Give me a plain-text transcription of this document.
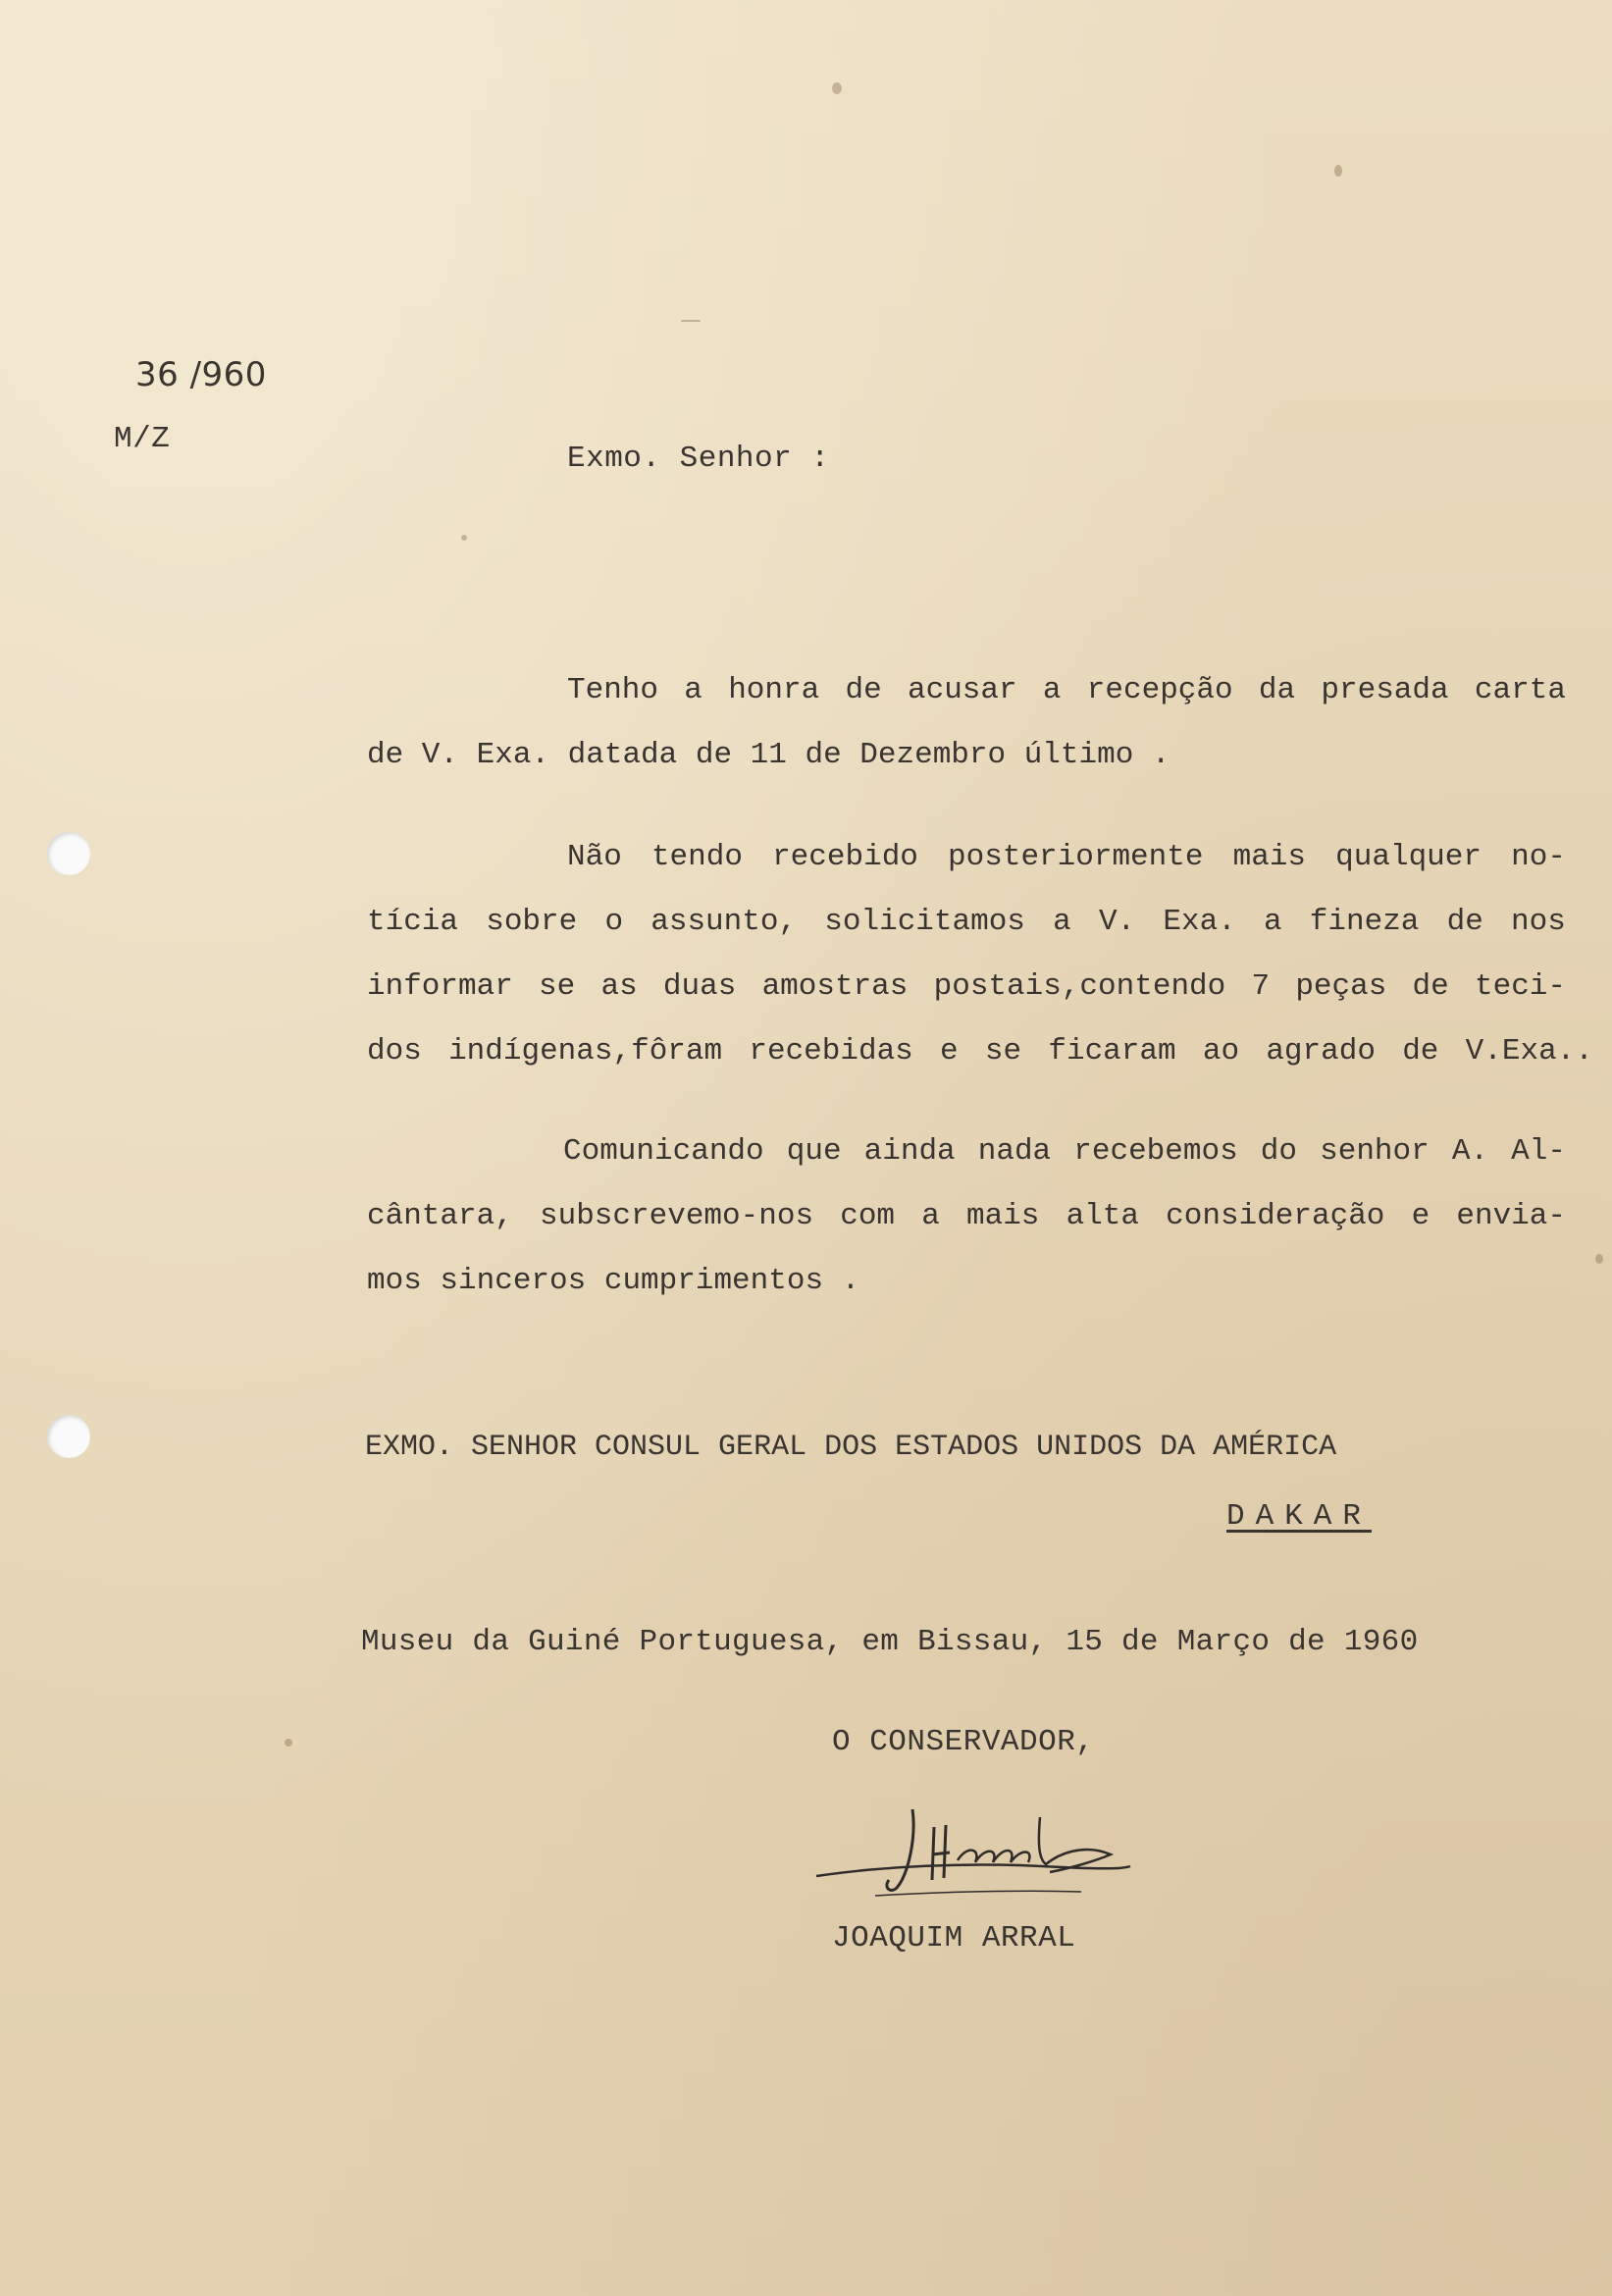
36 /960
M/Z
Exmo. Senhor :
Tenho a honra de acusar a recepção da presada carta
de V. Exa. datada de 11 de Dezembro último .
Não tendo recebido posteriormente mais qualquer no-
tícia sobre o assunto, solicitamos a V. Exa. a fineza de nos
informar se as duas amostras postais,contendo 7 peças de teci-
dos indígenas,fôram recebidas e se ficaram ao agrado de V.Exa..
Comunicando que ainda nada recebemos do senhor A. Al-
cântara, subscrevemo-nos com a mais alta consideração e envia-
mos sinceros cumprimentos .
EXMO. SENHOR CONSUL GERAL DOS ESTADOS UNIDOS DA AMÉRICA
DAKAR
Museu da Guiné Portuguesa, em Bissau, 15 de Março de 1960
O CONSERVADOR,
JOAQUIM ARRAL
